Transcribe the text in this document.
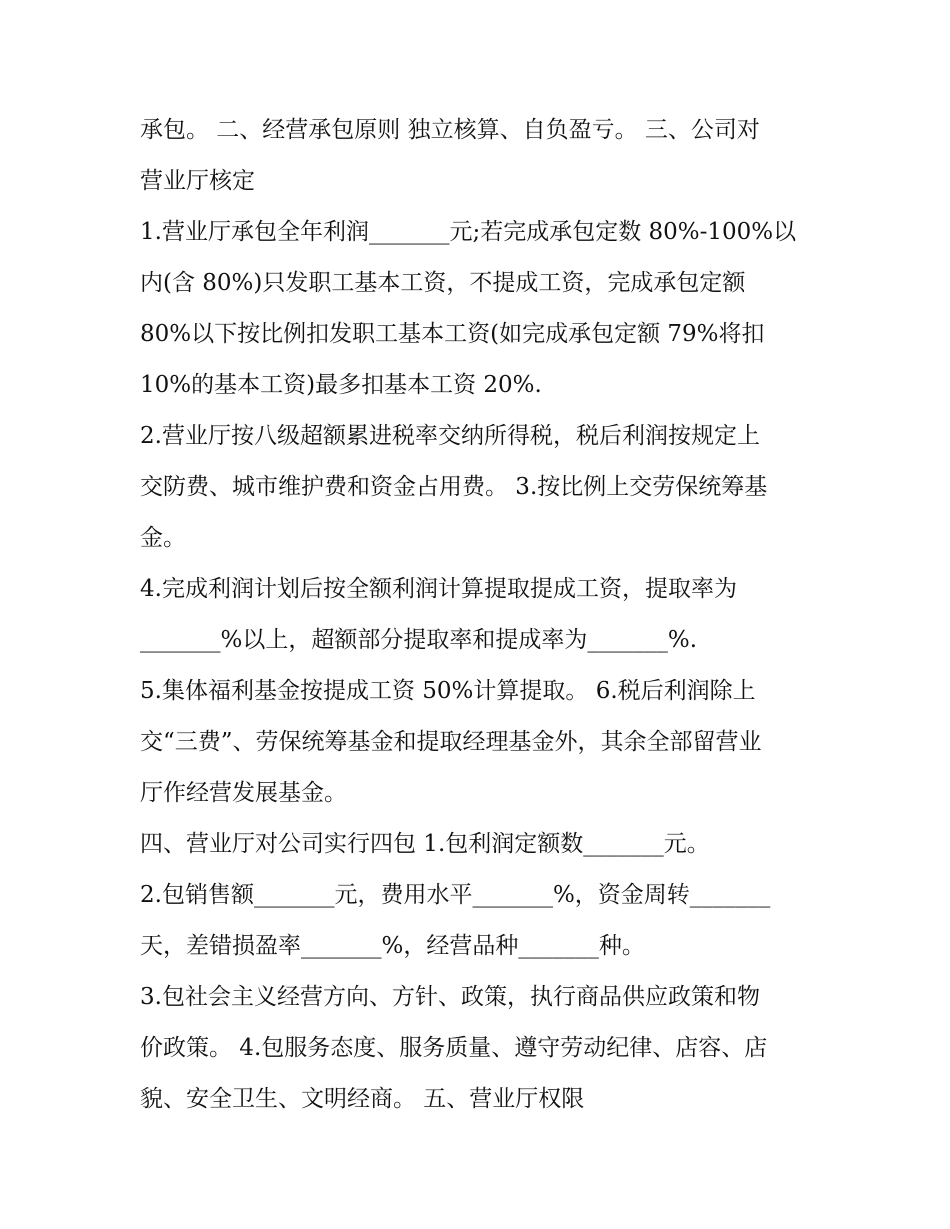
承包。 二、经营承包原则 独立核算、自负盈亏。 三、公司对
营业厅核定
1.营业厅承包全年利润_______元;若完成承包定数 80%-100%以
内(含 80%)只发职工基本工资，不提成工资，完成承包定额
80%以下按比例扣发职工基本工资(如完成承包定额 79%将扣
10%的基本工资)最多扣基本工资 20%.
2.营业厅按八级超额累进税率交纳所得税，税后利润按规定上
交防费、城市维护费和资金占用费。 3.按比例上交劳保统筹基
金。
4.完成利润计划后按全额利润计算提取提成工资，提取率为
_______%以上，超额部分提取率和提成率为_______%.
5.集体福利基金按提成工资 50%计算提取。 6.税后利润除上
交“三费”、劳保统筹基金和提取经理基金外，其余全部留营业
厅作经营发展基金。
四、营业厅对公司实行四包 1.包利润定额数_______元。
2.包销售额_______元，费用水平_______%，资金周转_______
天，差错损盈率_______%，经营品种_______种。
3.包社会主义经营方向、方针、政策，执行商品供应政策和物
价政策。 4.包服务态度、服务质量、遵守劳动纪律、店容、店
貌、安全卫生、文明经商。 五、营业厅权限
